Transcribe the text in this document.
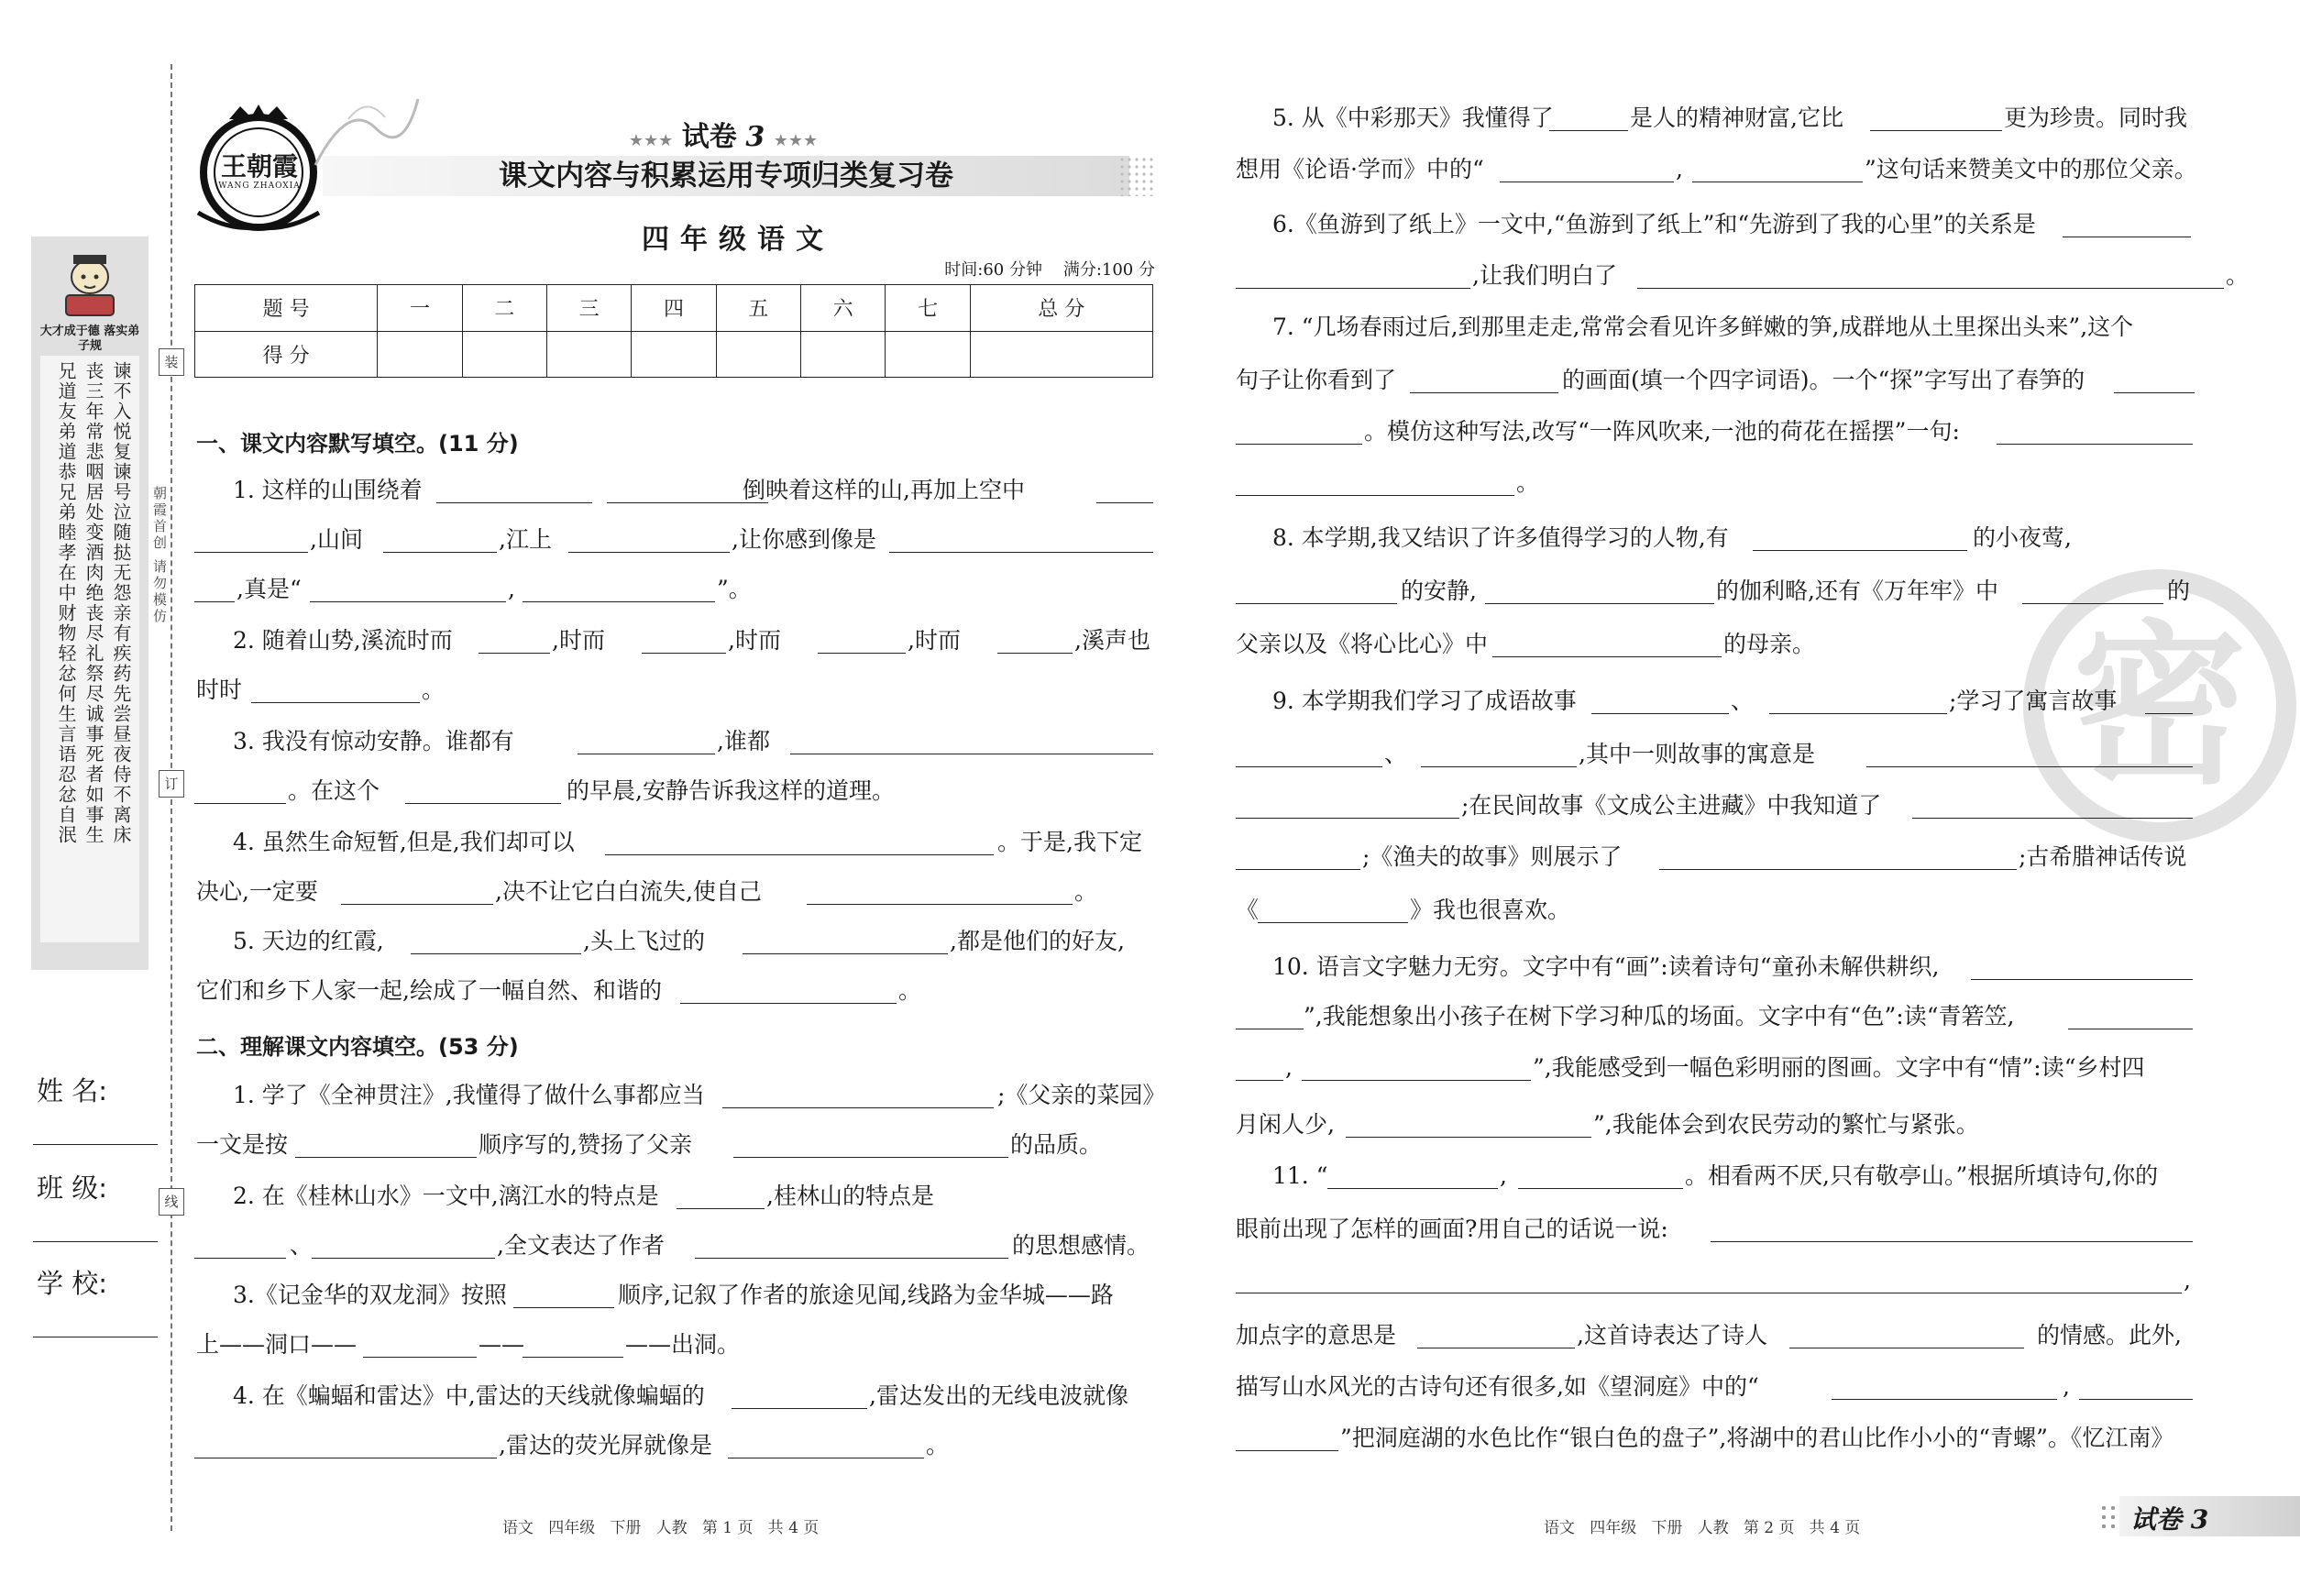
大才成于德 落实弟子规
谏不入悦复谏号泣随挞无怨亲有疾药先尝昼夜侍不离床
丧三年常悲咽居处变酒肉绝丧尽礼祭尽诚事死者如事生
兄道友弟道恭兄弟睦孝在中财物轻忿何生言语忍忿自泯
姓 名:
班 级:
学 校:
装
朝霞首创 请勿模仿
订
线
王朝霞
WANG ZHAOXIA
★★★ 试卷 3 ★★★
课文内容与积累运用专项归类复习卷
四年级语文
时间:60 分钟    满分:100 分
题 号	一	二	三	四	五	六	七	总 分
得 分								
一、课文内容默写填空。(11 分)
1. 这样的山围绕着	倒映着这样的山,再加上空中
,山间	,江上	,让你感到像是
,真是“	,	”。
2. 随着山势,溪流时而	,时而	,时而	,时而	,溪声也
时时	。
3. 我没有惊动安静。谁都有	,谁都
。在这个	的早晨,安静告诉我这样的道理。
4. 虽然生命短暂,但是,我们却可以	。于是,我下定
决心,一定要	,决不让它白白流失,使自己	。
5. 天边的红霞,	,头上飞过的	,都是他们的好友,
它们和乡下人家一起,绘成了一幅自然、和谐的	。
二、理解课文内容填空。(53 分)
1. 学了《全神贯注》,我懂得了做什么事都应当	;《父亲的菜园》
一文是按	顺序写的,赞扬了父亲	的品质。
2. 在《桂林山水》一文中,漓江水的特点是	,桂林山的特点是
、	,全文表达了作者	的思想感情。
3.《记金华的双龙洞》按照	顺序,记叙了作者的旅途见闻,线路为金华城——路
上——洞口——	——	——出洞。
4. 在《蝙蝠和雷达》中,雷达的天线就像蝙蝠的	,雷达发出的无线电波就像
,雷达的荧光屏就像是	。
语文   四年级   下册   人教   第 1 页   共 4 页
密
5. 从《中彩那天》我懂得了	是人的精神财富,它比	更为珍贵。同时我
想用《论语·学而》中的“	,	”这句话来赞美文中的那位父亲。
6.《鱼游到了纸上》一文中,“鱼游到了纸上”和“先游到了我的心里”的关系是
,让我们明白了	。
7. “几场春雨过后,到那里走走,常常会看见许多鲜嫩的笋,成群地从土里探出头来”,这个
句子让你看到了	的画面(填一个四字词语)。一个“探”字写出了春笋的
。模仿这种写法,改写“一阵风吹来,一池的荷花在摇摆”一句:
。
8. 本学期,我又结识了许多值得学习的人物,有	的小夜莺,
的安静,	的伽利略,还有《万年牢》中	的
父亲以及《将心比心》中	的母亲。
9. 本学期我们学习了成语故事	、	;学习了寓言故事
、	,其中一则故事的寓意是
;在民间故事《文成公主进藏》中我知道了
;《渔夫的故事》则展示了	;古希腊神话传说
《	》我也很喜欢。
10. 语言文字魅力无穷。文字中有“画”:读着诗句“童孙未解供耕织,
”,我能想象出小孩子在树下学习种瓜的场面。文字中有“色”:读“青箬笠,
,	”,我能感受到一幅色彩明丽的图画。文字中有“情”:读“乡村四
月闲人少,	”,我能体会到农民劳动的繁忙与紧张。
11. “	,	。相看两不厌,只有敬亭山。”根据所填诗句,你的
眼前出现了怎样的画面?用自己的话说一说:
,
加点字的意思是	,这首诗表达了诗人	的情感。此外,
描写山水风光的古诗句还有很多,如《望洞庭》中的“	,
”把洞庭湖的水色比作“银白色的盘子”,将湖中的君山比作小小的“青螺”。《忆江南》
语文   四年级   下册   人教   第 2 页   共 4 页	试卷 3
